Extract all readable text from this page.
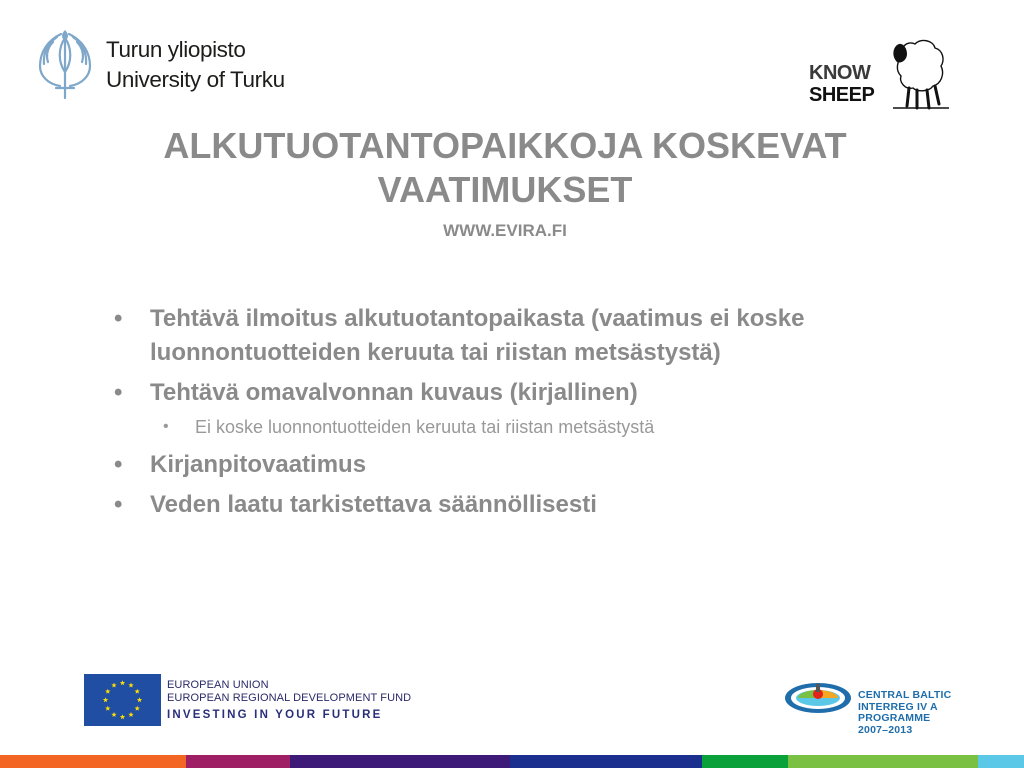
Turun yliopisto
University of Turku	KNOW
SHEEP
ALKUTUOTANTOPAIKKOJA KOSKEVAT VAATIMUKSET
WWW.EVIRA.FI
• Tehtävä ilmoitus alkutuotantopaikasta (vaatimus ei koske luonnontuotteiden keruuta tai riistan metsästystä)
• Tehtävä omavalvonnan kuvaus (kirjallinen)
• Ei koske luonnontuotteiden keruuta tai riistan metsästystä
• Kirjanpitovaatimus
• Veden laatu tarkistettava säännöllisesti
EUROPEAN UNION
EUROPEAN REGIONAL DEVELOPMENT FUND
INVESTING IN YOUR FUTURE
CENTRAL BALTIC
INTERREG IV A
PROGRAMME
2007–2013
